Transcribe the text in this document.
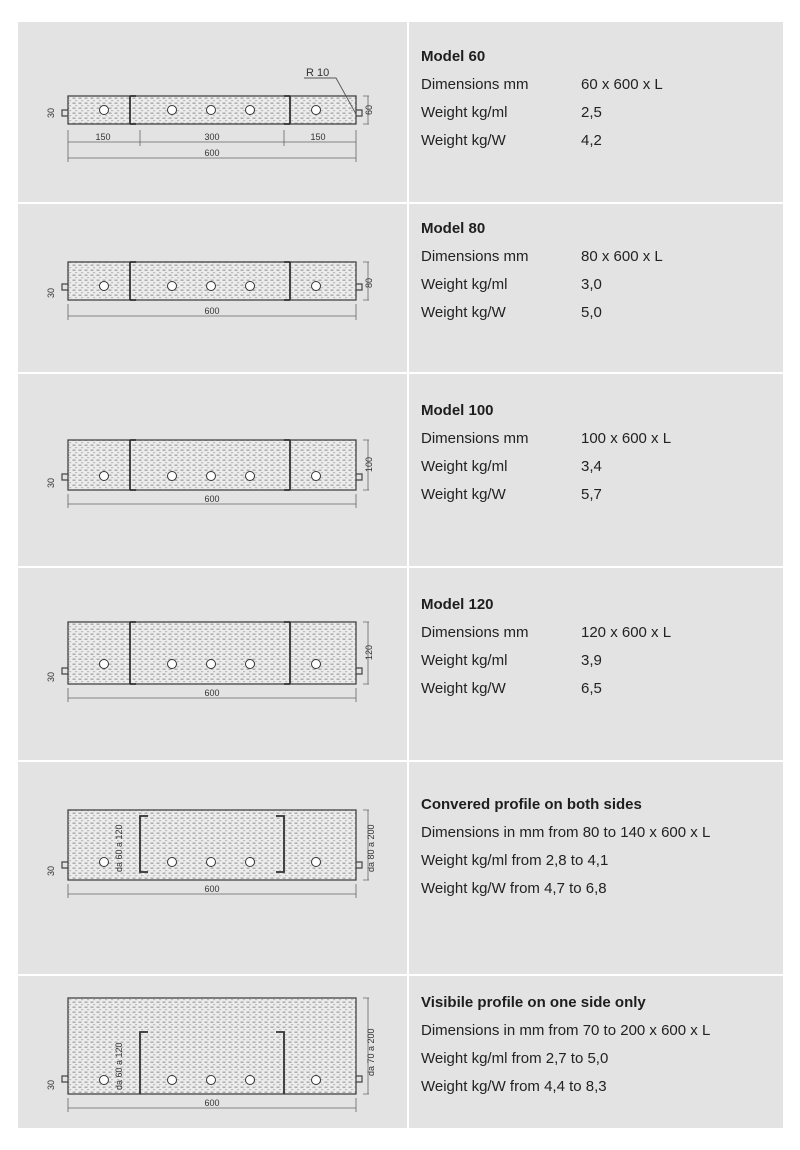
R 10
150	300	150
600
30	60
Model 60
Dimensions mm	60 x 600 x L
Weight kg/ml	2,5
Weight kg/W	4,2
600
30
80
Model 80
Dimensions mm	80 x 600 x L
Weight kg/ml	3,0
Weight kg/W	5,0
600
30
100
Model 100
Dimensions mm	100 x 600 x L
Weight kg/ml	3,4
Weight kg/W	5,7
600
30
120
Model 120
Dimensions mm	120 x 600 x L
Weight kg/ml	3,9
Weight kg/W	6,5
600
30	da 60 a 120	da 80 a 200
Convered profile on both sides
Dimensions in mm from 80 to 140 x 600 x L
Weight kg/ml from 2,8 to 4,1
Weight kg/W from 4,7 to 6,8
600
30	da 60 a 120	da 70 a 200
Visibile profile on one side only
Dimensions in mm from 70 to 200 x 600 x L
Weight kg/ml from 2,7 to 5,0
Weight kg/W from 4,4 to 8,3
